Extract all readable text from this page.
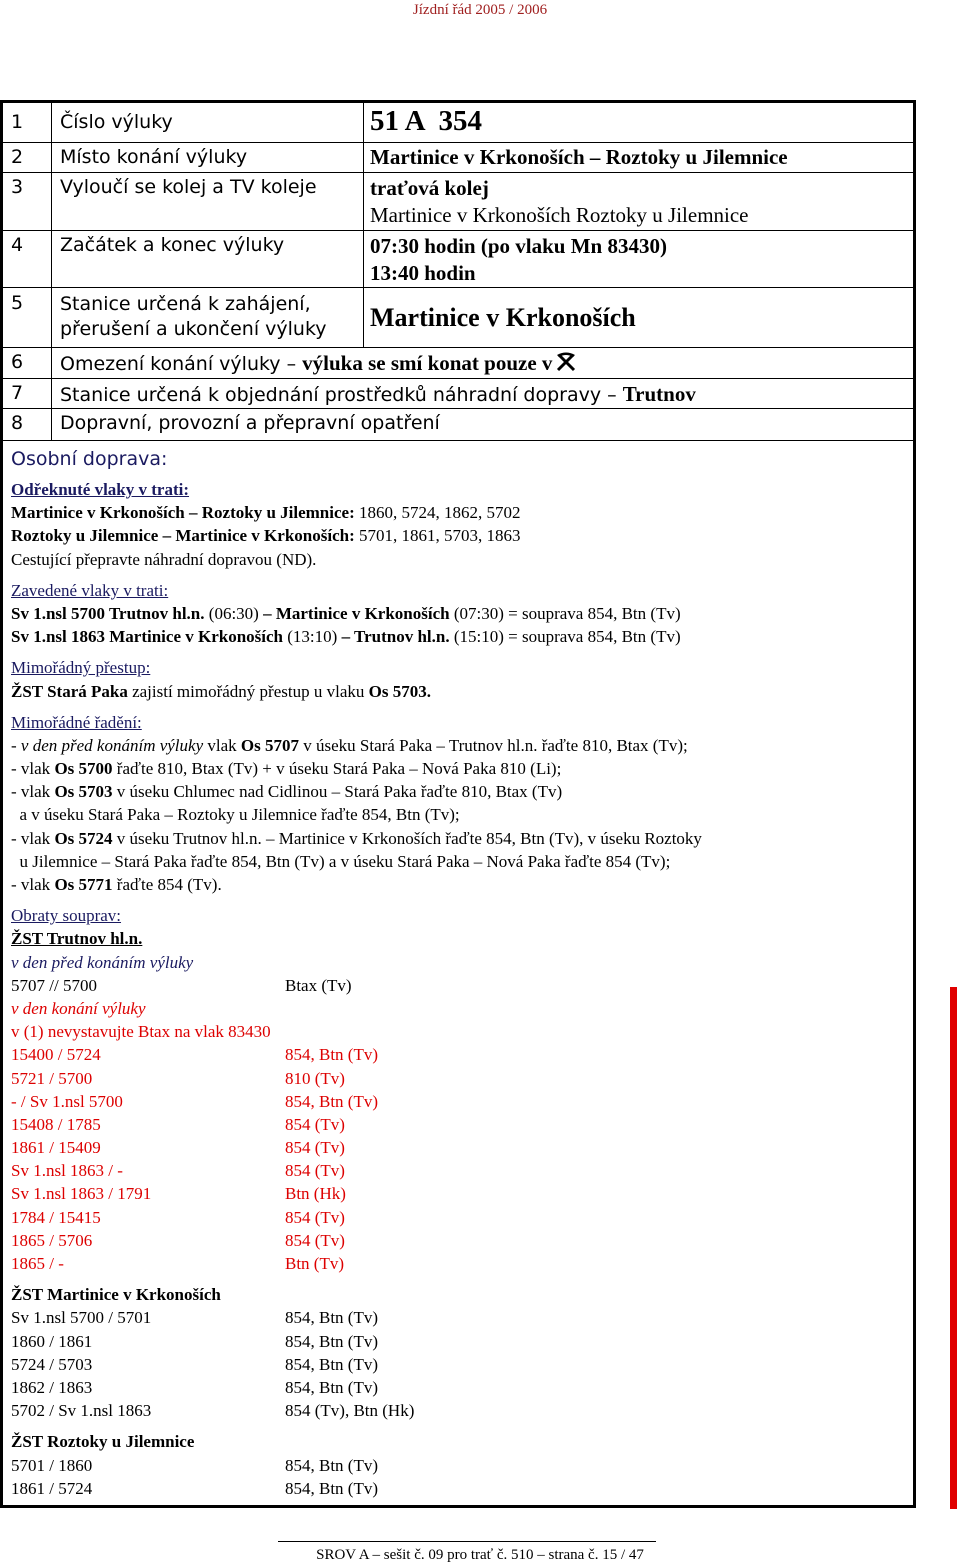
Jízdní řád 2005 / 2006
1	Číslo výluky	51 A  354
2	Místo konání výluky	Martinice v Krkonoších – Roztoky u Jilemnice
3	Vyloučí se kolej a TV koleje	traťová kolej
Martinice v Krkonoších Roztoky u Jilemnice

4	Začátek a konec výluky	07:30 hodin (po vlaku Mn 83430)
13:40 hodin

5	Stanice určená k zahájení,
přerušení a ukončení výluky	Martinice v Krkonoších
6	Omezení konání výluky – výluka se smí konat pouze v	
7	Stanice určená k objednání prostředků náhradní dopravy – Trutnov	
8	Dopravní, provozní a přepravní opatření	
Osobní doprava:
Odřeknuté vlaky v trati:
Martinice v Krkonoších – Roztoky u Jilemnice: 1860, 5724, 1862, 5702
Roztoky u Jilemnice – Martinice v Krkonoších: 5701, 1861, 5703, 1863
Cestující přepravte náhradní dopravou (ND).
Zavedené vlaky v trati:
Sv 1.nsl 5700 Trutnov hl.n. (06:30) – Martinice v Krkonoších (07:30) = souprava 854, Btn (Tv)
Sv 1.nsl 1863 Martinice v Krkonoších (13:10) – Trutnov hl.n. (15:10) = souprava 854, Btn (Tv)
Mimořádný přestup:
ŽST Stará Paka zajistí mimořádný přestup u vlaku Os 5703.
Mimořádné řadění:
- v den před konáním výluky vlak Os 5707 v úseku Stará Paka – Trutnov hl.n. řaďte 810, Btax (Tv);
- vlak Os 5700 řaďte 810, Btax (Tv) + v úseku Stará Paka – Nová Paka 810 (Li);
- vlak Os 5703 v úseku Chlumec nad Cidlinou – Stará Paka řaďte 810, Btax (Tv)
a v úseku Stará Paka – Roztoky u Jilemnice řaďte 854, Btn (Tv);
- vlak Os 5724 v úseku Trutnov hl.n. – Martinice v Krkonoších řaďte 854, Btn (Tv), v úseku Roztoky
u Jilemnice – Stará Paka řaďte 854, Btn (Tv) a v úseku Stará Paka – Nová Paka řaďte 854 (Tv);
- vlak Os 5771 řaďte 854 (Tv).
Obraty souprav:
ŽST Trutnov hl.n.
v den před konáním výluky
5707 // 5700	Btax (Tv)
v den konání výluky
v (1) nevystavujte Btax na vlak 83430
15400 / 5724	854, Btn (Tv)
5721 / 5700	810 (Tv)
- / Sv 1.nsl 5700	854, Btn (Tv)
15408 / 1785	854 (Tv)
1861 / 15409	854 (Tv)
Sv 1.nsl 1863 / -	854 (Tv)
Sv 1.nsl 1863 / 1791	Btn (Hk)
1784 / 15415	854 (Tv)
1865 / 5706	854 (Tv)
1865 / -	Btn (Tv)
ŽST Martinice v Krkonoších
Sv 1.nsl 5700 / 5701	854, Btn (Tv)
1860 / 1861	854, Btn (Tv)
5724 / 5703	854, Btn (Tv)
1862 / 1863	854, Btn (Tv)
5702 / Sv 1.nsl 1863	854 (Tv), Btn (Hk)
ŽST Roztoky u Jilemnice
5701 / 1860	854, Btn (Tv)
1861 / 5724	854, Btn (Tv)
SROV A – sešit č. 09 pro trať č. 510 – strana č. 15 / 47
